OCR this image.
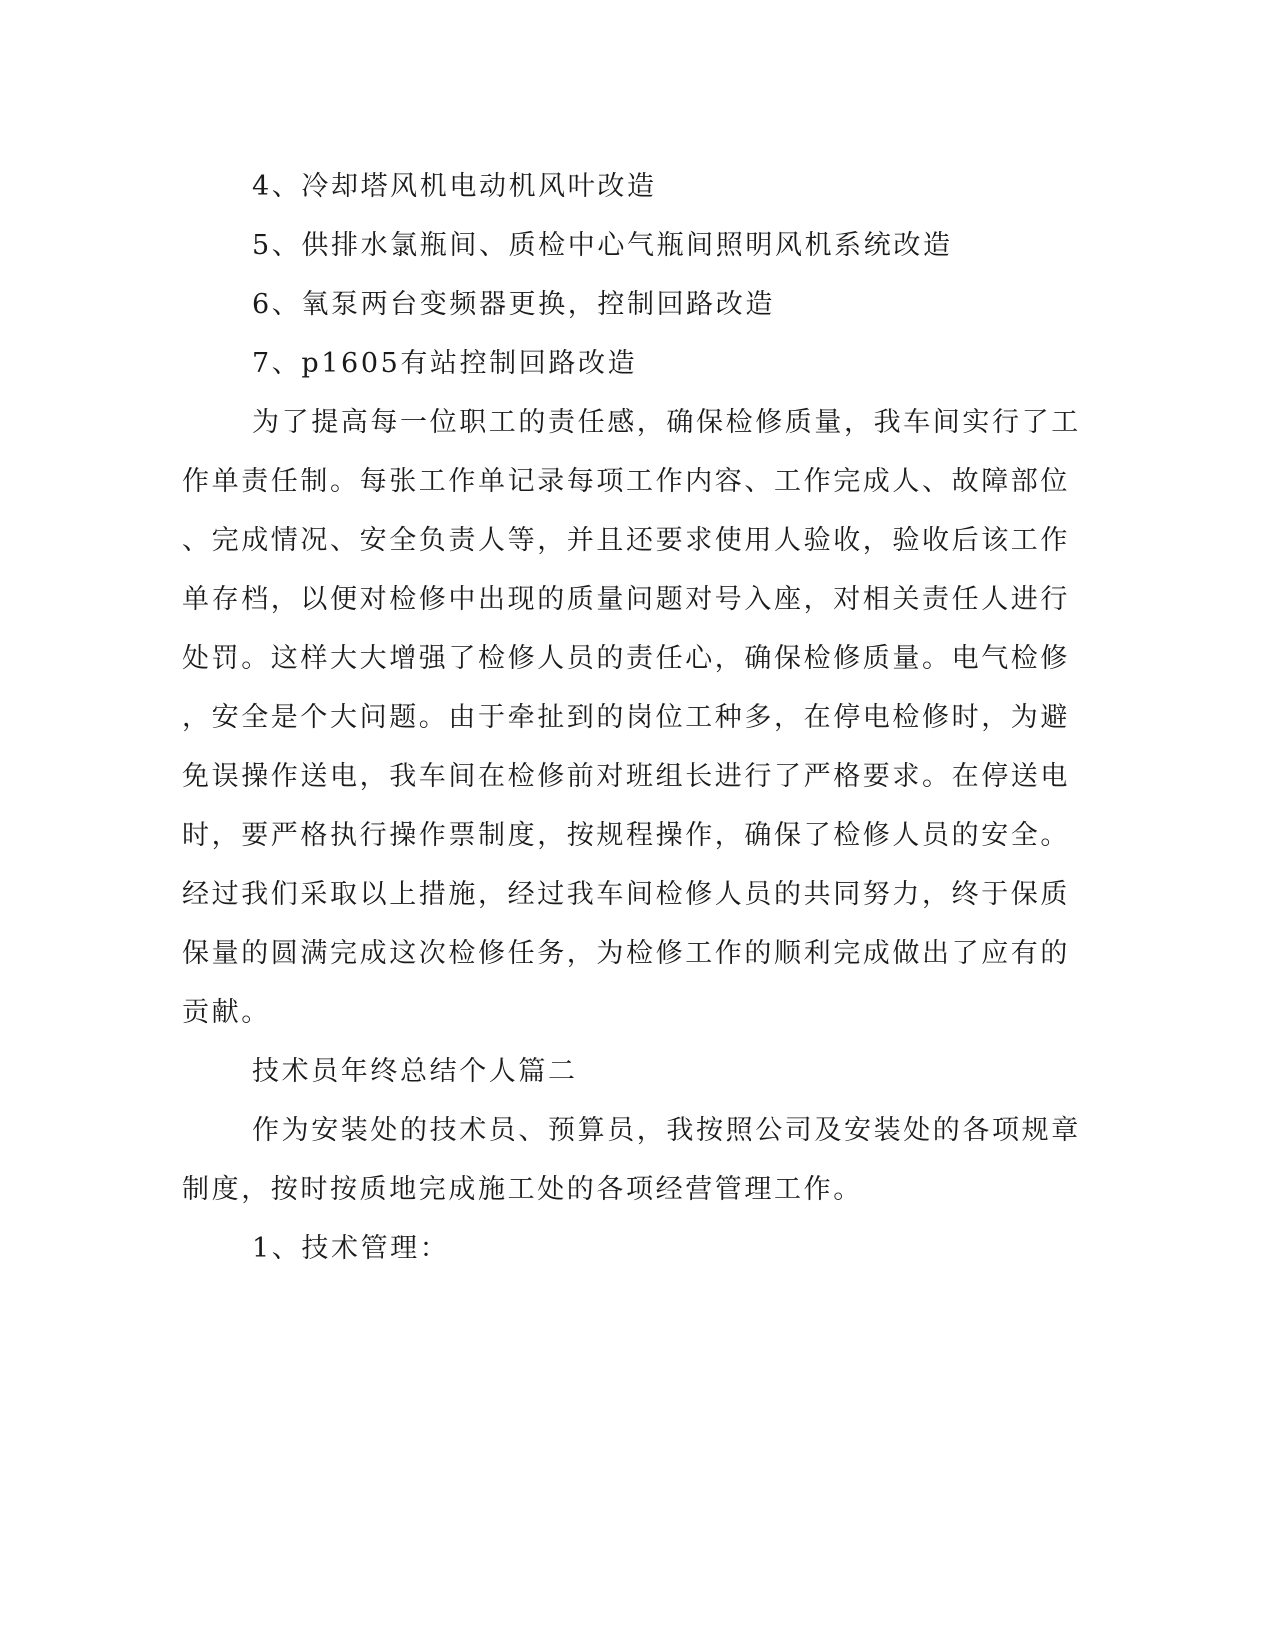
4、冷却塔风机电动机风叶改造

5、供排水氯瓶间、质检中心气瓶间照明风机系统改造

6、氧泵两台变频器更换，控制回路改造

7、p1605有站控制回路改造

为了提高每一位职工的责任感，确保检修质量，我车间实行了工

作单责任制。每张工作单记录每项工作内容、工作完成人、故障部位

、完成情况、安全负责人等，并且还要求使用人验收，验收后该工作

单存档，以便对检修中出现的质量问题对号入座，对相关责任人进行

处罚。这样大大增强了检修人员的责任心，确保检修质量。电气检修

，安全是个大问题。由于牵扯到的岗位工种多，在停电检修时，为避

免误操作送电，我车间在检修前对班组长进行了严格要求。在停送电

时，要严格执行操作票制度，按规程操作，确保了检修人员的安全。

经过我们采取以上措施，经过我车间检修人员的共同努力，终于保质

保量的圆满完成这次检修任务，为检修工作的顺利完成做出了应有的

贡献。

技术员年终总结个人篇二

作为安装处的技术员、预算员，我按照公司及安装处的各项规章

制度，按时按质地完成施工处的各项经营管理工作。

1、技术管理：
